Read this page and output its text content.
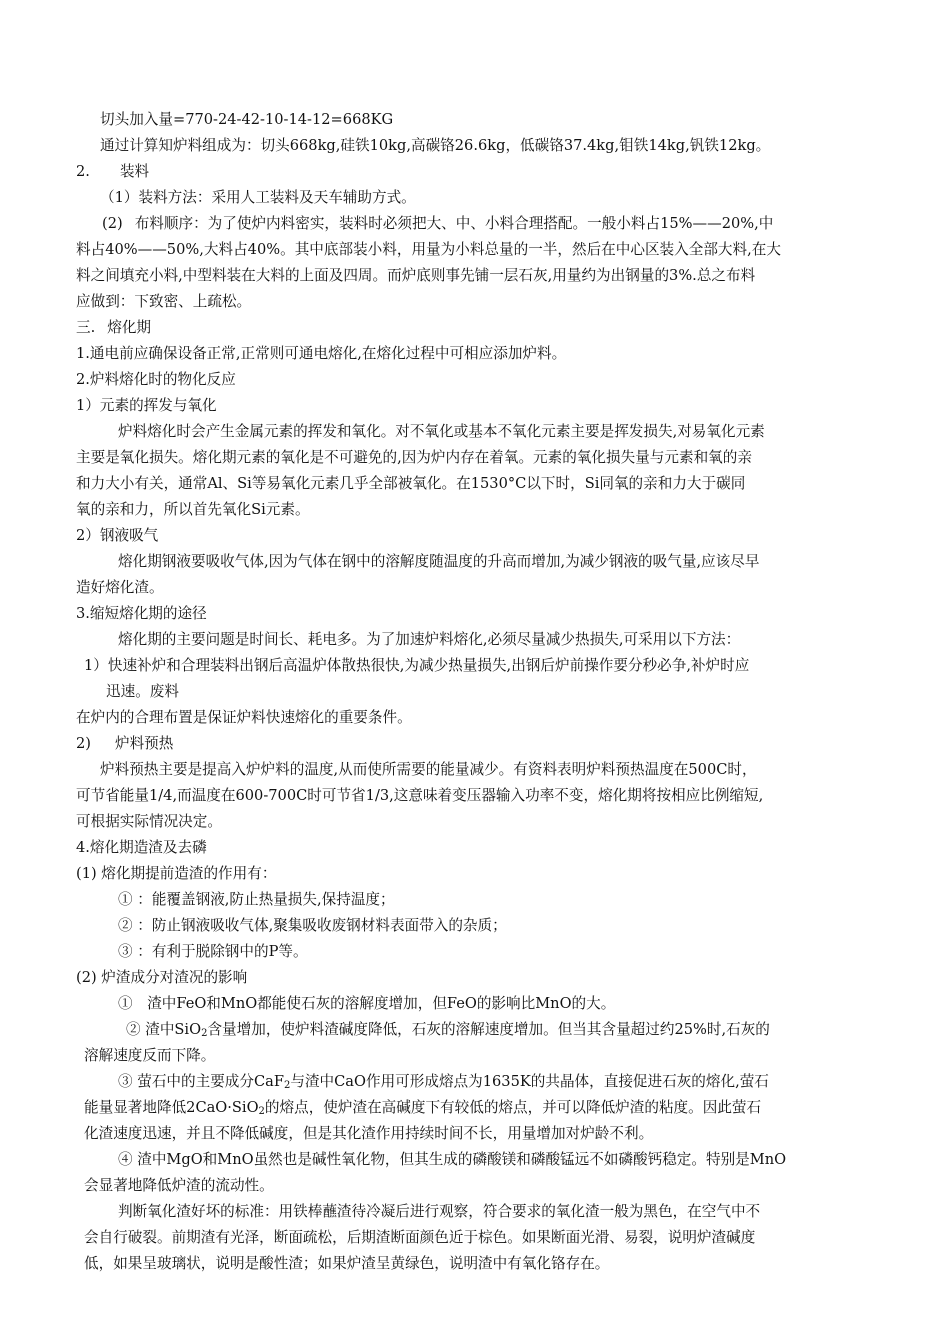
切头加入量=770-24-42-10-14-12=668KG
通过计算知炉料组成为：切头668kg,硅铁10kg,高碳铬26.6kg，低碳铬37.4kg,钼铁14kg,钒铁12kg。
2. 装料
（1）装料方法：采用人工装料及天车辅助方式。
(2) 布料顺序：为了使炉内料密实，装料时必须把大、中、小料合理搭配。一般小料占15%——20%,中
料占40%——50%,大料占40%。其中底部装小料，用量为小料总量的一半，然后在中心区装入全部大料,在大
料之间填充小料,中型料装在大料的上面及四周。而炉底则事先铺一层石灰,用量约为出钢量的3%.总之布料
应做到：下致密、上疏松。
三. 熔化期
1.通电前应确保设备正常,正常则可通电熔化,在熔化过程中可相应添加炉料。
2.炉料熔化时的物化反应
1）元素的挥发与氧化
炉料熔化时会产生金属元素的挥发和氧化。对不氧化或基本不氧化元素主要是挥发损失,对易氧化元素
主要是氧化损失。熔化期元素的氧化是不可避免的,因为炉内存在着氧。元素的氧化损失量与元素和氧的亲
和力大小有关，通常Al、Si等易氧化元素几乎全部被氧化。在1530°C以下时，Si同氧的亲和力大于碳同
氧的亲和力，所以首先氧化Si元素。
2）钢液吸气
熔化期钢液要吸收气体,因为气体在钢中的溶解度随温度的升高而增加,为减少钢液的吸气量,应该尽早
造好熔化渣。
3.缩短熔化期的途径
熔化期的主要问题是时间长、耗电多。为了加速炉料熔化,必须尽量减少热损失,可采用以下方法：
1）快速补炉和合理装料出钢后高温炉体散热很快,为减少热量损失,出钢后炉前操作要分秒必争,补炉时应
迅速。废料
在炉内的合理布置是保证炉料快速熔化的重要条件。
2) 炉料预热
炉料预热主要是提高入炉炉料的温度,从而使所需要的能量减少。有资料表明炉料预热温度在500C时，
可节省能量1/4,而温度在600-700C时可节省1/3,这意味着变压器输入功率不变，熔化期将按相应比例缩短,
可根据实际情况决定。
4.熔化期造渣及去磷
(1) 熔化期提前造渣的作用有：
① ：能覆盖钢液,防止热量损失,保持温度；
② ：防止钢液吸收气体,聚集吸收废钢材料表面带入的杂质；
③ ：有利于脱除钢中的P等。
(2) 炉渣成分对渣况的影响
①　渣中FeO和MnO都能使石灰的溶解度增加，但FeO的影响比MnO的大。
② 渣中SiO$_2$含量增加，使炉料渣碱度降低，石灰的溶解速度增加。但当其含量超过约25%时,石灰的
溶解速度反而下降。
③ 萤石中的主要成分CaF$_2$与渣中CaO作用可形成熔点为1635K的共晶体，直接促进石灰的熔化,萤石
能量显著地降低2CaO·SiO$_2$的熔点，使炉渣在高碱度下有较低的熔点，并可以降低炉渣的粘度。因此萤石
化渣速度迅速，并且不降低碱度，但是其化渣作用持续时间不长，用量增加对炉龄不利。
④ 渣中MgO和MnO虽然也是碱性氧化物，但其生成的磷酸镁和磷酸锰远不如磷酸钙稳定。特别是MnO
会显著地降低炉渣的流动性。
判断氧化渣好坏的标准：用铁棒蘸渣待冷凝后进行观察，符合要求的氧化渣一般为黑色，在空气中不
会自行破裂。前期渣有光泽，断面疏松，后期渣断面颜色近于棕色。如果断面光滑、易裂，说明炉渣碱度
低，如果呈玻璃状，说明是酸性渣；如果炉渣呈黄绿色，说明渣中有氧化铬存在。
